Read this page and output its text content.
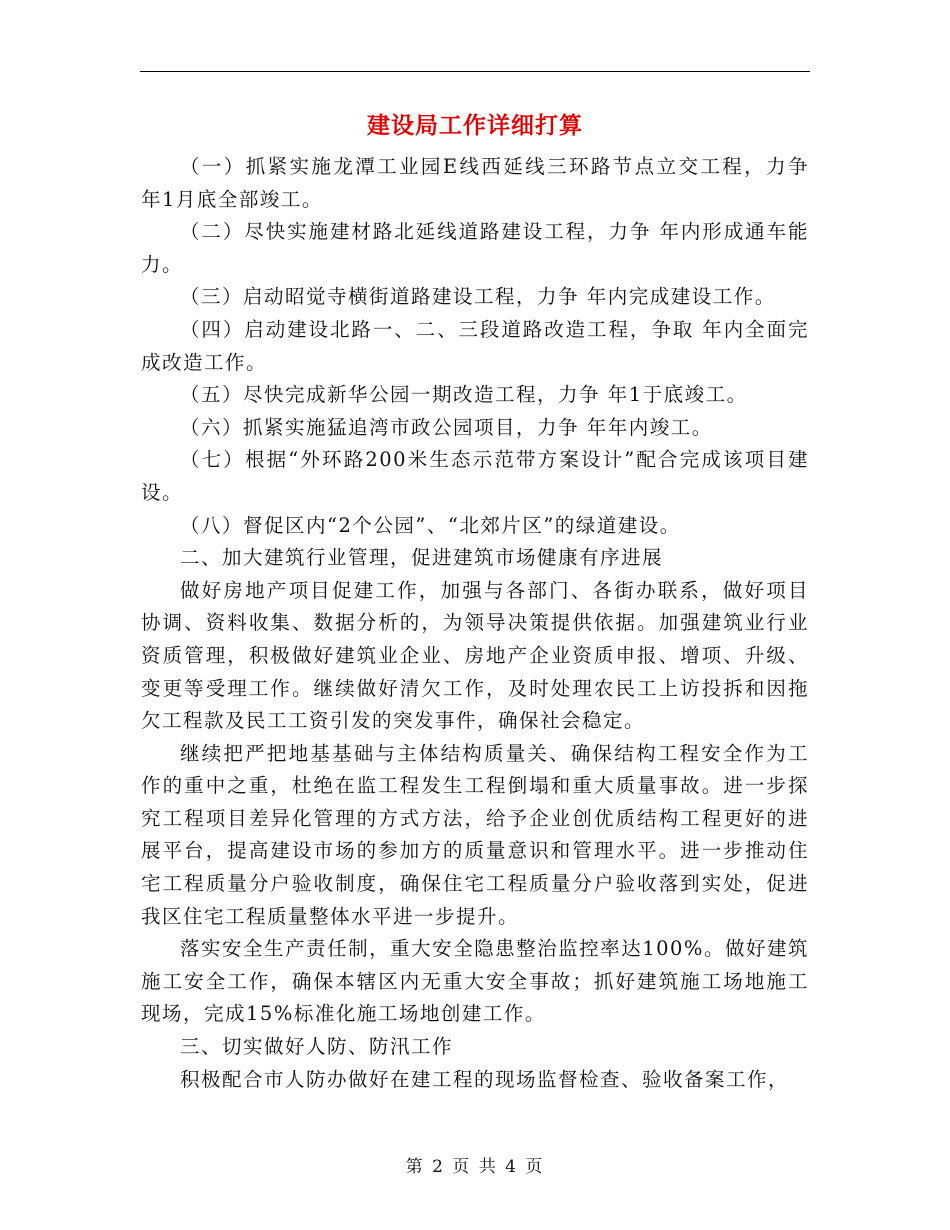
建设局工作详细打算

（一）抓紧实施龙潭工业园E线西延线三环路节点立交工程，力争 年1月底全部竣工。

（二）尽快实施建材路北延线道路建设工程，力争 年内形成通车能力。

（三）启动昭觉寺横街道路建设工程，力争 年内完成建设工作。

（四）启动建设北路一、二、三段道路改造工程，争取 年内全面完成改造工作。

（五）尽快完成新华公园一期改造工程，力争 年1于底竣工。

（六）抓紧实施猛追湾市政公园项目，力争 年年内竣工。

（七）根据“外环路200米生态示范带方案设计”配合完成该项目建设。

（八）督促区内“2个公园”、“北郊片区”的绿道建设。

二、加大建筑行业管理，促进建筑市场健康有序进展

做好房地产项目促建工作，加强与各部门、各街办联系，做好项目协调、资料收集、数据分析的，为领导决策提供依据。加强建筑业行业资质管理，积极做好建筑业企业、房地产企业资质申报、增项、升级、变更等受理工作。继续做好清欠工作，及时处理农民工上访投拆和因拖欠工程款及民工工资引发的突发事件，确保社会稳定。

继续把严把地基基础与主体结构质量关、确保结构工程安全作为工作的重中之重，杜绝在监工程发生工程倒塌和重大质量事故。进一步探究工程项目差异化管理的方式方法，给予企业创优质结构工程更好的进展平台，提高建设市场的参加方的质量意识和管理水平。进一步推动住宅工程质量分户验收制度，确保住宅工程质量分户验收落到实处，促进我区住宅工程质量整体水平进一步提升。

落实安全生产责任制，重大安全隐患整治监控率达100%。做好建筑施工安全工作，确保本辖区内无重大安全事故；抓好建筑施工场地施工现场，完成15%标准化施工场地创建工作。

三、切实做好人防、防汛工作

积极配合市人防办做好在建工程的现场监督检查、验收备案工作，

第 2 页 共 4 页
